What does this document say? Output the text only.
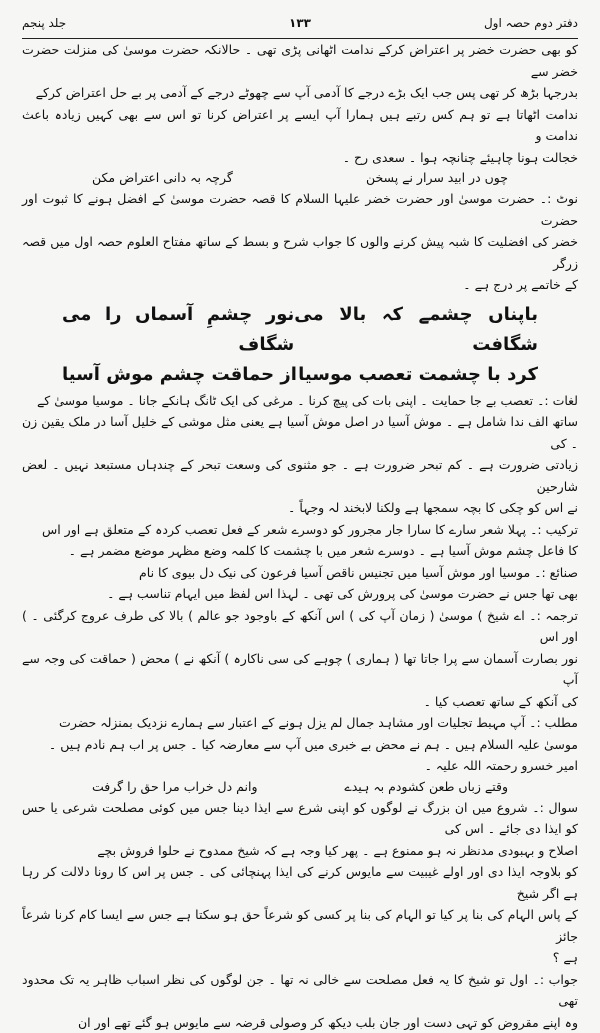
دفتر دوم حصہ اول
۱۳۳
جلد پنجم

کو بھی حضرت خضر پر اعتراض کرکے ندامت اٹھانی پڑی تھی ۔ حالانکہ حضرت موسیٰ کی منزلت حضرت خضر سے

بدرجہا بڑھ کر تھی پس جب ایک بڑے درجے کا آدمی آپ سے چھوٹے درجے کے آدمی پر بے حل اعتراض کرکے

ندامت اٹھاتا ہے تو ہم کس رتبے ہیں ہمارا آپ ایسے پر اعتراض کرنا تو اس سے بھی کہیں زیادہ باعث ندامت و

خجالت ہونا چاہیئے چنانچہ ہوا ۔ سعدی رح ۔

چوں در ابید سرار نے پسخن
گرچہ بہ دانی اعتراض مکن

نوٹ :۔ حضرت موسیٰ اور حضرت خضر علیہا السلام کا قصہ حضرت موسیٰ کے افضل ہونے کا ثبوت اور حضرت

خضر کی افضلیت کا شبہ پیش کرنے والوں کا جواب شرح و بسط کے ساتھ مفتاح العلوم حصہ اول میں قصہ زرگر

کے خاتمے پر درج ہے ۔

باپناں چشمے کہ بالا می شگافت
نور چشمِ آسماں را می شگاف
کرد با چشمت تعصب موسیا
از حماقت چشم موش آسیا

لغات :۔ تعصب بے جا حمایت ۔ اپنی بات کی پیچ کرنا ۔ مرغی کی ایک ٹانگ ہانکے جانا ۔ موسیا موسیٰ کے

ساتھ الف ندا شامل ہے ۔ موش آسیا در اصل موش آسیا ہے یعنی مثل موشی کے خلیل آسا در ملک یقین زن ۔ کی

زیادتی ضرورت ہے ۔ کم تبحر ضرورت ہے ۔ جو مثنوی کی وسعت تبحر کے چندہاں مستبعد نہیں ۔ لعض شارحین

نے اس کو چکی کا بچہ سمجھا ہے ولکنا لابخند لہ وجہاً ۔

ترکیب :۔ پہلا شعر سارے کا سارا جار مجرور کو دوسرے شعر کے فعل تعصب کردہ کے متعلق ہے اور اس

کا فاعل چشم موش آسیا ہے ۔ دوسرے شعر میں با چشمت کا کلمہ وضع مظہر موضع مضمر ہے ۔

صنائع :۔ موسیا اور موش آسیا میں تجنیس ناقص آسیا فرعون کی نیک دل بیوی کا نام

بھی تھا جس نے حضرت موسیٰ کی پرورش کی تھی ۔ لہذا اس لفظ میں ایہام تناسب ہے ۔

ترجمہ :۔ اے شیخ ) موسیٰ ( زمان آپ کی ) اس آنکھ کے باوجود جو عالم ) بالا کی طرف عروج کرگئی ۔ ) اور اس

نور بصارت آسمان سے پرا جاتا تھا ( ہماری ) چوہے کی سی ناکارہ ) آنکھ نے ) محض ( حماقت کی وجہ سے آپ

کی آنکھ کے ساتھ تعصب کیا ۔

مطلب :۔ آپ مہبط تجلیات اور مشاہد جمال لم یزل ہونے کے اعتبار سے ہمارے نزدیک بمنزلہ حضرت

موسیٰ علیہ السلام ہیں ۔ ہم نے محض بے خبری میں آپ سے معارضہ کیا ۔ جس پر اب ہم نادم ہیں ۔

امیر خسرو رحمتہ اللہ علیہ ۔

وقتے زباں طعن کشودم بہ ہیدے
وانم دل خراب مرا حق را گرفت

سوال :۔ شروع میں ان بزرگ نے لوگوں کو اپنی شرع سے ایذا دینا جس میں کوئی مصلحت شرعی یا حس کو ایذا دی جائے ۔ اس کی

اصلاح و بہبودی مدنظر نہ ہو ممنوع ہے ۔ پھر کیا وجہ ہے کہ شیخ ممدوح نے حلوا فروش بچے

کو بلاوجہ ایذا دی اور اولے غیبیت سے مایوس کرنے کی ایذا پہنچائی کی ۔ جس پر اس کا رونا دلالت کر رہا ہے اگر شیخ

کے پاس الہام کی بنا پر کیا تو الہام کی بنا پر کسی کو شرعاً حق ہو سکتا ہے جس سے ایسا کام کرنا شرعاً جائز

ہے ؟

جواب :۔ اول تو شیخ کا یہ فعل مصلحت سے خالی نہ تھا ۔ جن لوگوں کی نظر اسباب ظاہر یہ تک محدود تھی

وہ اپنے مقروض کو تہی دست اور جان بلب دیکھ کر وصولی قرضہ سے مایوس ہو گئے تھے اور ان
